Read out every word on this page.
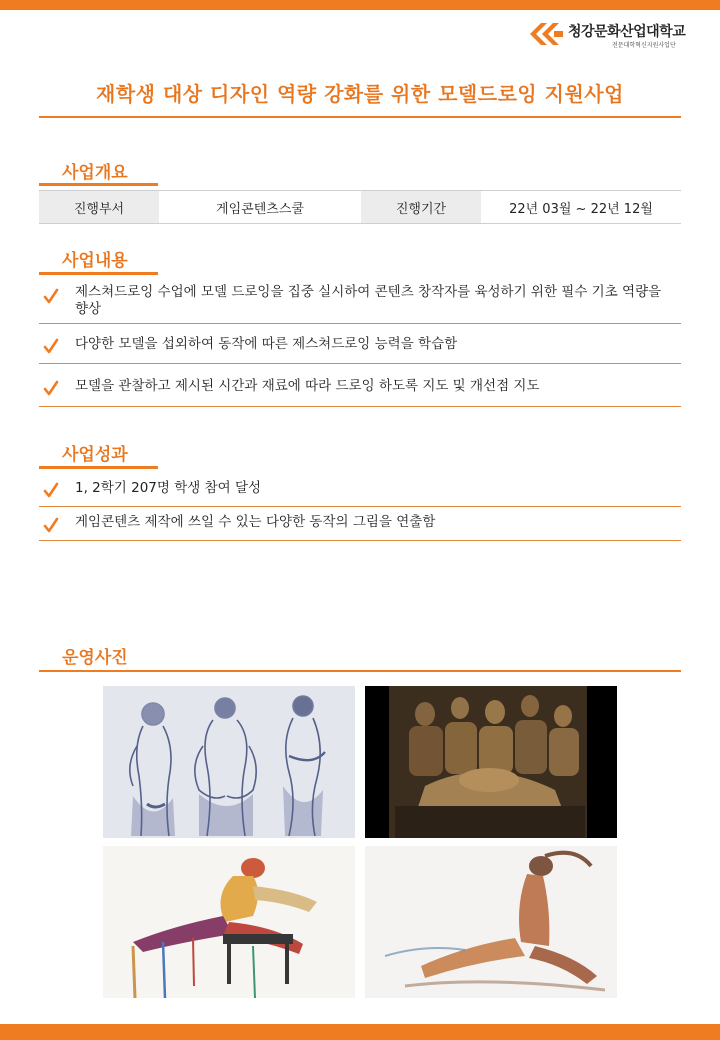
청강문화산업대학교
전문대학혁신지원사업단
재학생 대상 디자인 역량 강화를 위한 모델드로잉 지원사업
사업개요
진행부서	게임콘텐츠스쿨	진행기간	22년 03월 ~ 22년 12월
사업내용
제스쳐드로잉 수업에 모델 드로잉을 집중 실시하여 콘텐츠 창작자를 육성하기 위한 필수 기초 역량을 향상
다양한 모델을 섭외하여 동작에 따른 제스쳐드로잉 능력을 학습함
모델을 관찰하고 제시된 시간과 재료에 따라 드로잉 하도록 지도 및 개선점 지도
사업성과
1, 2학기 207명 학생 참여 달성
게임콘텐츠 제작에 쓰일 수 있는 다양한 동작의 그림을 연출함
운영사진
